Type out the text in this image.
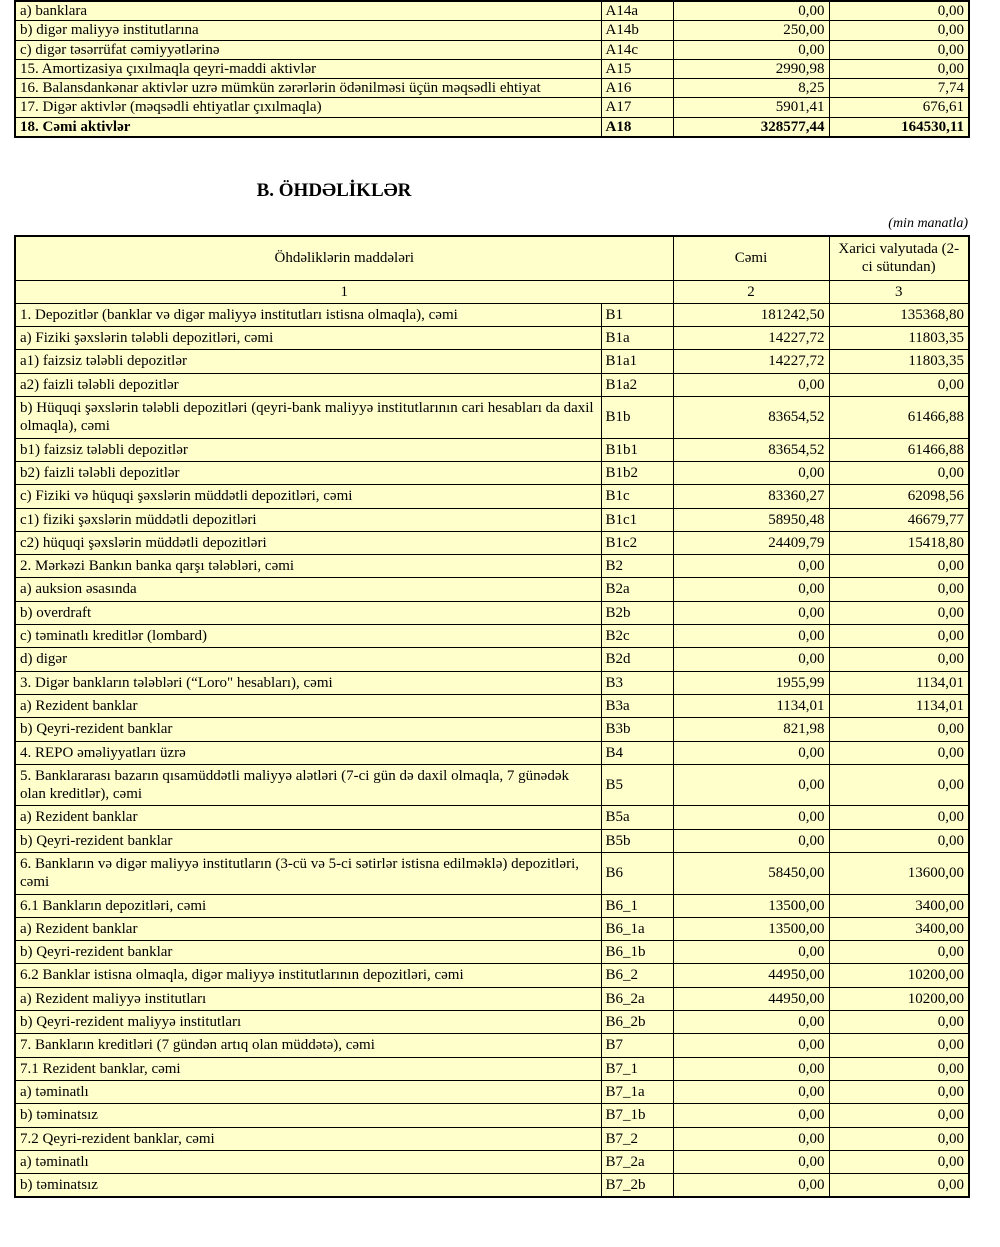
a) banklara	A14a	0,00	0,00
b) digər maliyyə institutlarına	A14b	250,00	0,00
c) digər təsərrüfat cəmiyyətlərinə	A14c	0,00	0,00
15. Amortizasiya çıxılmaqla qeyri-maddi aktivlər	A15	2990,98	0,00
16. Balansdankənar aktivlər uzrə mümkün zərərlərin ödənilməsi üçün məqsədli ehtiyat	A16	8,25	7,74
17. Digər aktivlər (məqsədli ehtiyatlar çıxılmaqla)	A17	5901,41	676,61
18. Cəmi aktivlər	A18	328577,44	164530,11
B. ÖHDƏLİKLƏR
(min manatla)
Öhdəliklərin maddələri		Cəmi	Xarici valyutada (2-ci sütundan)
1		2	3
1. Depozitlər (banklar və digər maliyyə institutları istisna olmaqla), cəmi	B1	181242,50	135368,80
a) Fiziki şəxslərin tələbli depozitləri, cəmi	B1a	14227,72	11803,35
a1) faizsiz tələbli depozitlər	B1a1	14227,72	11803,35
a2) faizli tələbli depozitlər	B1a2	0,00	0,00
b) Hüquqi şəxslərin tələbli depozitləri (qeyri-bank maliyyə institutlarının cari hesabları da daxil olmaqla), cəmi	B1b	83654,52	61466,88
b1) faizsiz tələbli depozitlər	B1b1	83654,52	61466,88
b2) faizli tələbli depozitlər	B1b2	0,00	0,00
c) Fiziki və hüquqi şəxslərin müddətli depozitləri, cəmi	B1c	83360,27	62098,56
c1) fiziki şəxslərin müddətli depozitləri	B1c1	58950,48	46679,77
c2) hüquqi şəxslərin müddətli depozitləri	B1c2	24409,79	15418,80
2. Mərkəzi Bankın banka qarşı tələbləri, cəmi	B2	0,00	0,00
a) auksion əsasında	B2a	0,00	0,00
b) overdraft	B2b	0,00	0,00
c) təminatlı kreditlər (lombard)	B2c	0,00	0,00
d) digər	B2d	0,00	0,00
3. Digər bankların tələbləri (“Loro" hesabları), cəmi	B3	1955,99	1134,01
a) Rezident banklar	B3a	1134,01	1134,01
b) Qeyri-rezident banklar	B3b	821,98	0,00
4. REPO əməliyyatları üzrə	B4	0,00	0,00
5. Banklararası bazarın qısamüddətli maliyyə alətləri (7-ci gün də daxil olmaqla, 7 günədək olan kreditlər), cəmi	B5	0,00	0,00
a) Rezident banklar	B5a	0,00	0,00
b) Qeyri-rezident banklar	B5b	0,00	0,00
6. Bankların və digər maliyyə institutların (3-cü və 5-ci sətirlər istisna edilməklə) depozitləri, cəmi	B6	58450,00	13600,00
6.1 Bankların depozitləri, cəmi	B6_1	13500,00	3400,00
a) Rezident banklar	B6_1a	13500,00	3400,00
b) Qeyri-rezident banklar	B6_1b	0,00	0,00
6.2 Banklar istisna olmaqla, digər maliyyə institutlarının depozitləri, cəmi	B6_2	44950,00	10200,00
a) Rezident maliyyə institutları	B6_2a	44950,00	10200,00
b) Qeyri-rezident maliyyə institutları	B6_2b	0,00	0,00
7. Bankların kreditləri (7 gündən artıq olan müddətə), cəmi	B7	0,00	0,00
7.1 Rezident banklar, cəmi	B7_1	0,00	0,00
a) təminatlı	B7_1a	0,00	0,00
b) təminatsız	B7_1b	0,00	0,00
7.2 Qeyri-rezident banklar, cəmi	B7_2	0,00	0,00
a) təminatlı	B7_2a	0,00	0,00
b) təminatsız	B7_2b	0,00	0,00
